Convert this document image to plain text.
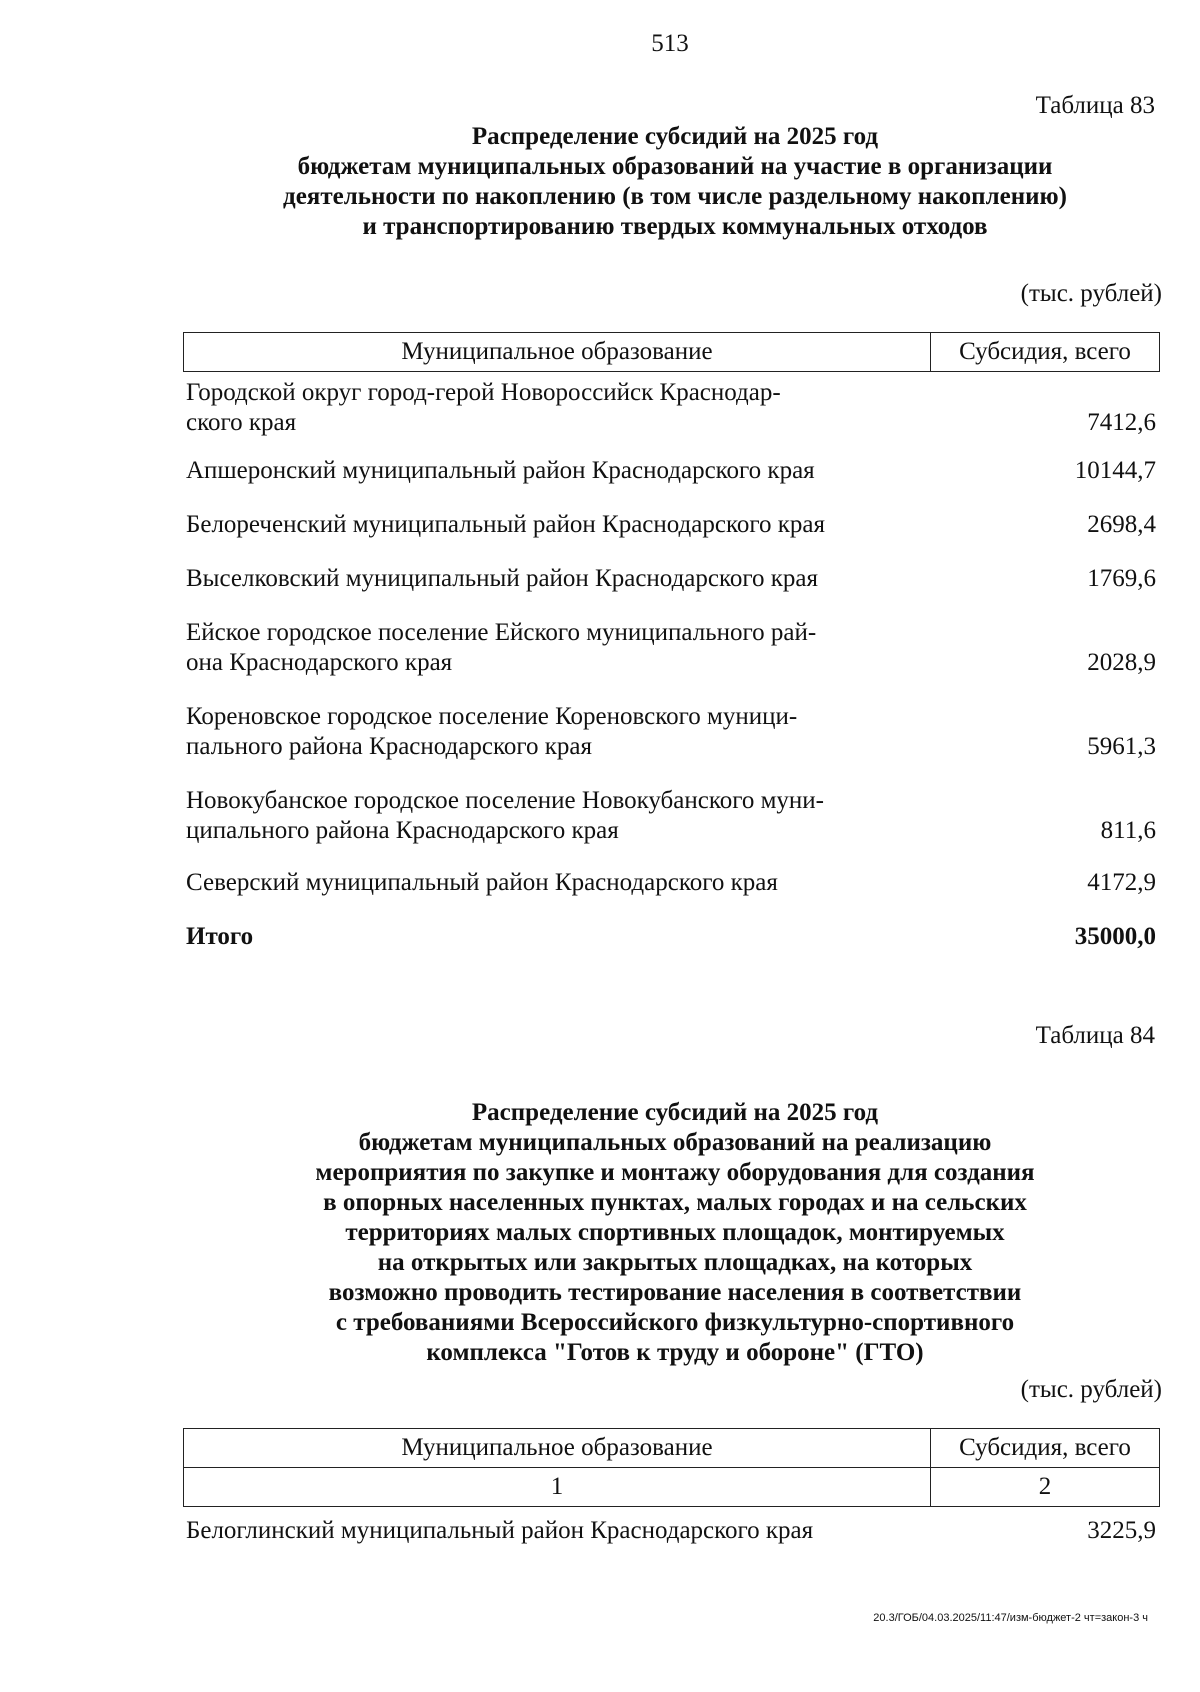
513
Таблица 83
Распределение субсидий на 2025 год
бюджетам муниципальных образований на участие в организации
деятельности по накоплению (в том числе раздельному накоплению)
и транспортированию твердых коммунальных отходов
(тыс. рублей)
Муниципальное образование	Субсидия, всего
Городской округ город-герой Новороссийск Краснодар-
ского края	7412,6
Апшеронский муниципальный район Краснодарского края	10144,7
Белореченский муниципальный район Краснодарского края	2698,4
Выселковский муниципальный район Краснодарского края	1769,6
Ейское городское поселение Ейского муниципального рай-
она Краснодарского края	2028,9
Кореновское городское поселение Кореновского муници-
пального района Краснодарского края	5961,3
Новокубанское городское поселение Новокубанского муни-
ципального района Краснодарского края	811,6
Северский муниципальный район Краснодарского края	4172,9
Итого	35000,0
Таблица 84
Распределение субсидий на 2025 год
бюджетам муниципальных образований на реализацию
мероприятия по закупке и монтажу оборудования для создания
в опорных населенных пунктах, малых городах и на сельских
территориях малых спортивных площадок, монтируемых
на открытых или закрытых площадках, на которых
возможно проводить тестирование населения в соответствии
с требованиями Всероссийского физкультурно-спортивного
комплекса "Готов к труду и обороне" (ГТО)
(тыс. рублей)
Муниципальное образование	Субсидия, всего
1	2
Белоглинский муниципальный район Краснодарского края	3225,9
20.3/ГОБ/04.03.2025/11:47/изм-бюджет-2 чт=закон-3 ч
